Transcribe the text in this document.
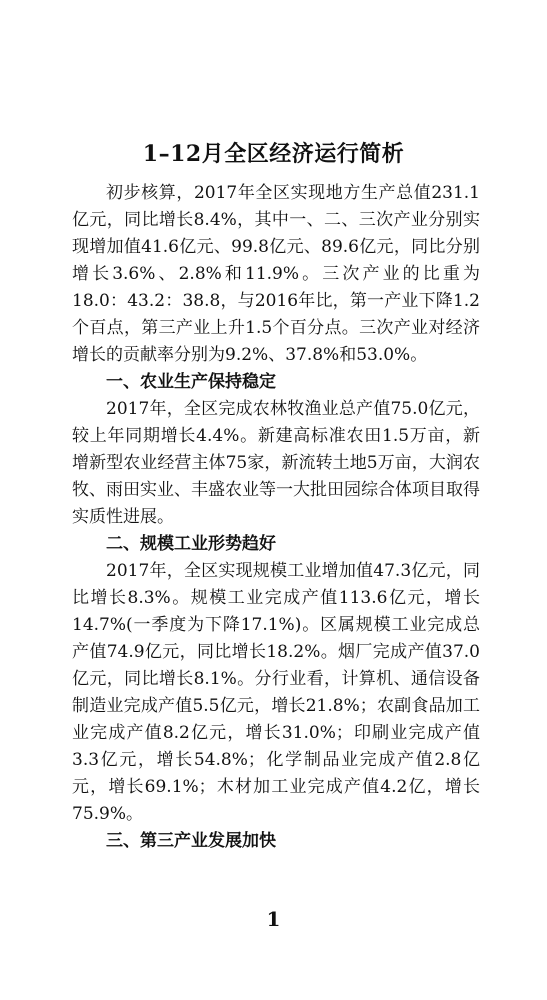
1–12月全区经济运行简析

初步核算，2017年全区实现地方生产总值231.1亿元，同比增长8.4%，其中一、二、三次产业分别实现增加值41.6亿元、99.8亿元、89.6亿元，同比分别增长3.6%、2.8%和11.9%。三次产业的比重为18.0：43.2：38.8，与2016年比，第一产业下降1.2个百点，第三产业上升1.5个百分点。三次产业对经济增长的贡献率分别为9.2%、37.8%和53.0%。

一、农业生产保持稳定

2017年，全区完成农林牧渔业总产值75.0亿元，较上年同期增长4.4%。新建高标准农田1.5万亩，新增新型农业经营主体75家，新流转土地5万亩，大润农牧、雨田实业、丰盛农业等一大批田园综合体项目取得实质性进展。

二、规模工业形势趋好

2017年，全区实现规模工业增加值47.3亿元，同比增长8.3%。规模工业完成产值113.6亿元，增长14.7%(一季度为下降17.1%)。区属规模工业完成总产值74.9亿元，同比增长18.2%。烟厂完成产值37.0亿元，同比增长8.1%。分行业看，计算机、通信设备制造业完成产值5.5亿元，增长21.8%；农副食品加工业完成产值8.2亿元，增长31.0%；印刷业完成产值3.3亿元，增长54.8%；化学制品业完成产值2.8亿元，增长69.1%；木材加工业完成产值4.2亿，增长75.9%。

三、第三产业发展加快

1
